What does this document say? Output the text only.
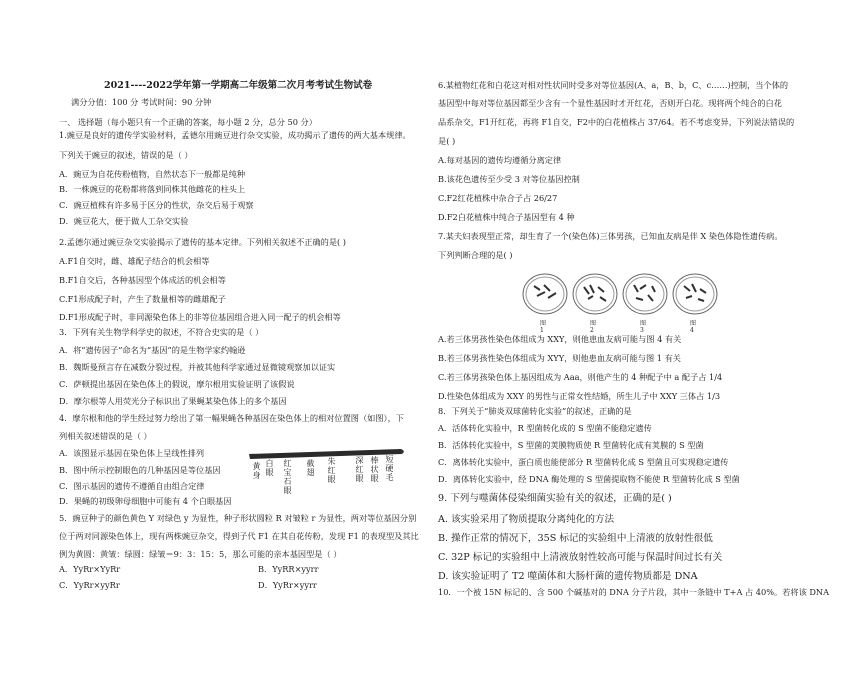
2021----2022学年第一学期高二年级第二次月考考试生物试卷
满分分值：100 分 考试时间：90 分钟
一、 选择题（每小题只有一个正确的答案，每小题 2 分，总分 50 分）
1.豌豆是良好的遗传学实验材料，孟德尔用豌豆进行杂交实验，成功揭示了遗传的两大基本规律。
下列关于豌豆的叙述，错误的是（ ）
A．豌豆为自花传粉植物，自然状态下一般都是纯种
B．一株豌豆的花粉都将落到同株其他雌花的柱头上
C．豌豆植株有许多易于区分的性状，杂交后易于观察
D．豌豆花大，便于做人工杂交实验
2.孟德尔通过豌豆杂交实验揭示了遗传的基本定律。下列相关叙述不正确的是( )
A.F1自交时，雌、雄配子结合的机会相等
B.F1自交后，各种基因型个体成活的机会相等
C.F1形成配子时，产生了数量相等的雌雄配子
D.F1形成配子时，非同源染色体上的非等位基因组合进入同一配子的机会相等
3．下列有关生物学科学史的叙述，不符合史实的是（ ）
A．将“遗传因子”命名为“基因”的是生物学家约翰逊
B．魏斯曼预言存在减数分裂过程，并被其他科学家通过显微镜观察加以证实
C．萨顿提出基因在染色体上的假说，摩尔根用实验证明了该假说
D．摩尔根等人用荧光分子标识出了果蝇某染色体上的多个基因
4．摩尔根和他的学生经过努力绘出了第一幅果蝇各种基因在染色体上的相对位置图（如图），下
列相关叙述错误的是（ ）
A．该图显示基因在染色体上呈线性排列
B．图中所示控制眼色的几种基因是等位基因
C．图示基因的遗传不遵循自由组合定律
D．果蝇的初级卵母细胞中可能有 4 个白眼基因
黄身
白眼
红宝石眼
截翅
朱红眼
深红眼
棒状眼
短硬毛
5．豌豆种子的颜色黄色 Y 对绿色 y 为显性，种子形状圆粒 R 对皱粒 r 为显性，两对等位基因分别
位于两对同源染色体上，现有两株豌豆杂交，得到子代 F1 在其自花传粉，发现 F1 的表现型及其比
例为黄圆：黄皱：绿圆：绿皱＝9：3：15：5，那么可能的亲本基因型是（ ）
A．YyRr×YyRr	B．YyRR×yyrr
C．YyRr×yyRr	D．YyRr×yyrr
6.某植物红花和白花这对相对性状同时受多对等位基因(A、a，B、b，C、c……)控制，当个体的
基因型中每对等位基因都至少含有一个显性基因时才开红花，否则开白花。现将两个纯合的白花
品系杂交，F1开红花，再将 F1自交，F2中的白花植株占 37/64。若不考虑变异，下列说法错误的
是( )
A.每对基因的遗传均遵循分离定律
B.该花色遗传至少受 3 对等位基因控制
C.F2红花植株中杂合子占 26/27
D.F2白花植株中纯合子基因型有 4 种
7.某夫妇表现型正常，却生育了一个(染色体)三体男孩，已知血友病是伴 X 染色体隐性遗传病。
下列判断合理的是( )
图 1
图 2
图 3
图 4
A.若三体男孩性染色体组成为 XXY，则他患血友病可能与图 4 有关
B.若三体男孩性染色体组成为 XYY，则他患血友病可能与图 1 有关
C.若三体男孩染色体上基因组成为 Aaa，则他产生的 4 种配子中 a 配子占 1/4
D.性染色体组成为 XXY 的男性与正常女性结婚，所生儿子中 XXY 三体占 1/3
8．下列关于“肺炎双球菌转化实验”的叙述，正确的是
A．活体转化实验中，R 型菌转化成的 S 型菌不能稳定遗传
B．活体转化实验中，S 型菌的荚膜物质使 R 型菌转化成有荚膜的 S 型菌
C．离体转化实验中，蛋白质也能使部分 R 型菌转化成 S 型菌且可实现稳定遗传
D．离体转化实验中，经 DNA 酶处理的 S 型菌提取物不能使 R 型菌转化成 S 型菌
9. 下列与噬菌体侵染细菌实验有关的叙述，正确的是( )
A. 该实验采用了物质提取分离纯化的方法
B. 操作正常的情况下，35S 标记的实验组中上清液的放射性很低
C. 32P 标记的实验组中上清液放射性较高可能与保温时间过长有关
D. 该实验证明了 T2 噬菌体和大肠杆菌的遗传物质都是 DNA
10．一个被 15N 标记的、含 500 个碱基对的 DNA 分子片段，其中一条链中 T+A 占 40%。若将该 DNA
